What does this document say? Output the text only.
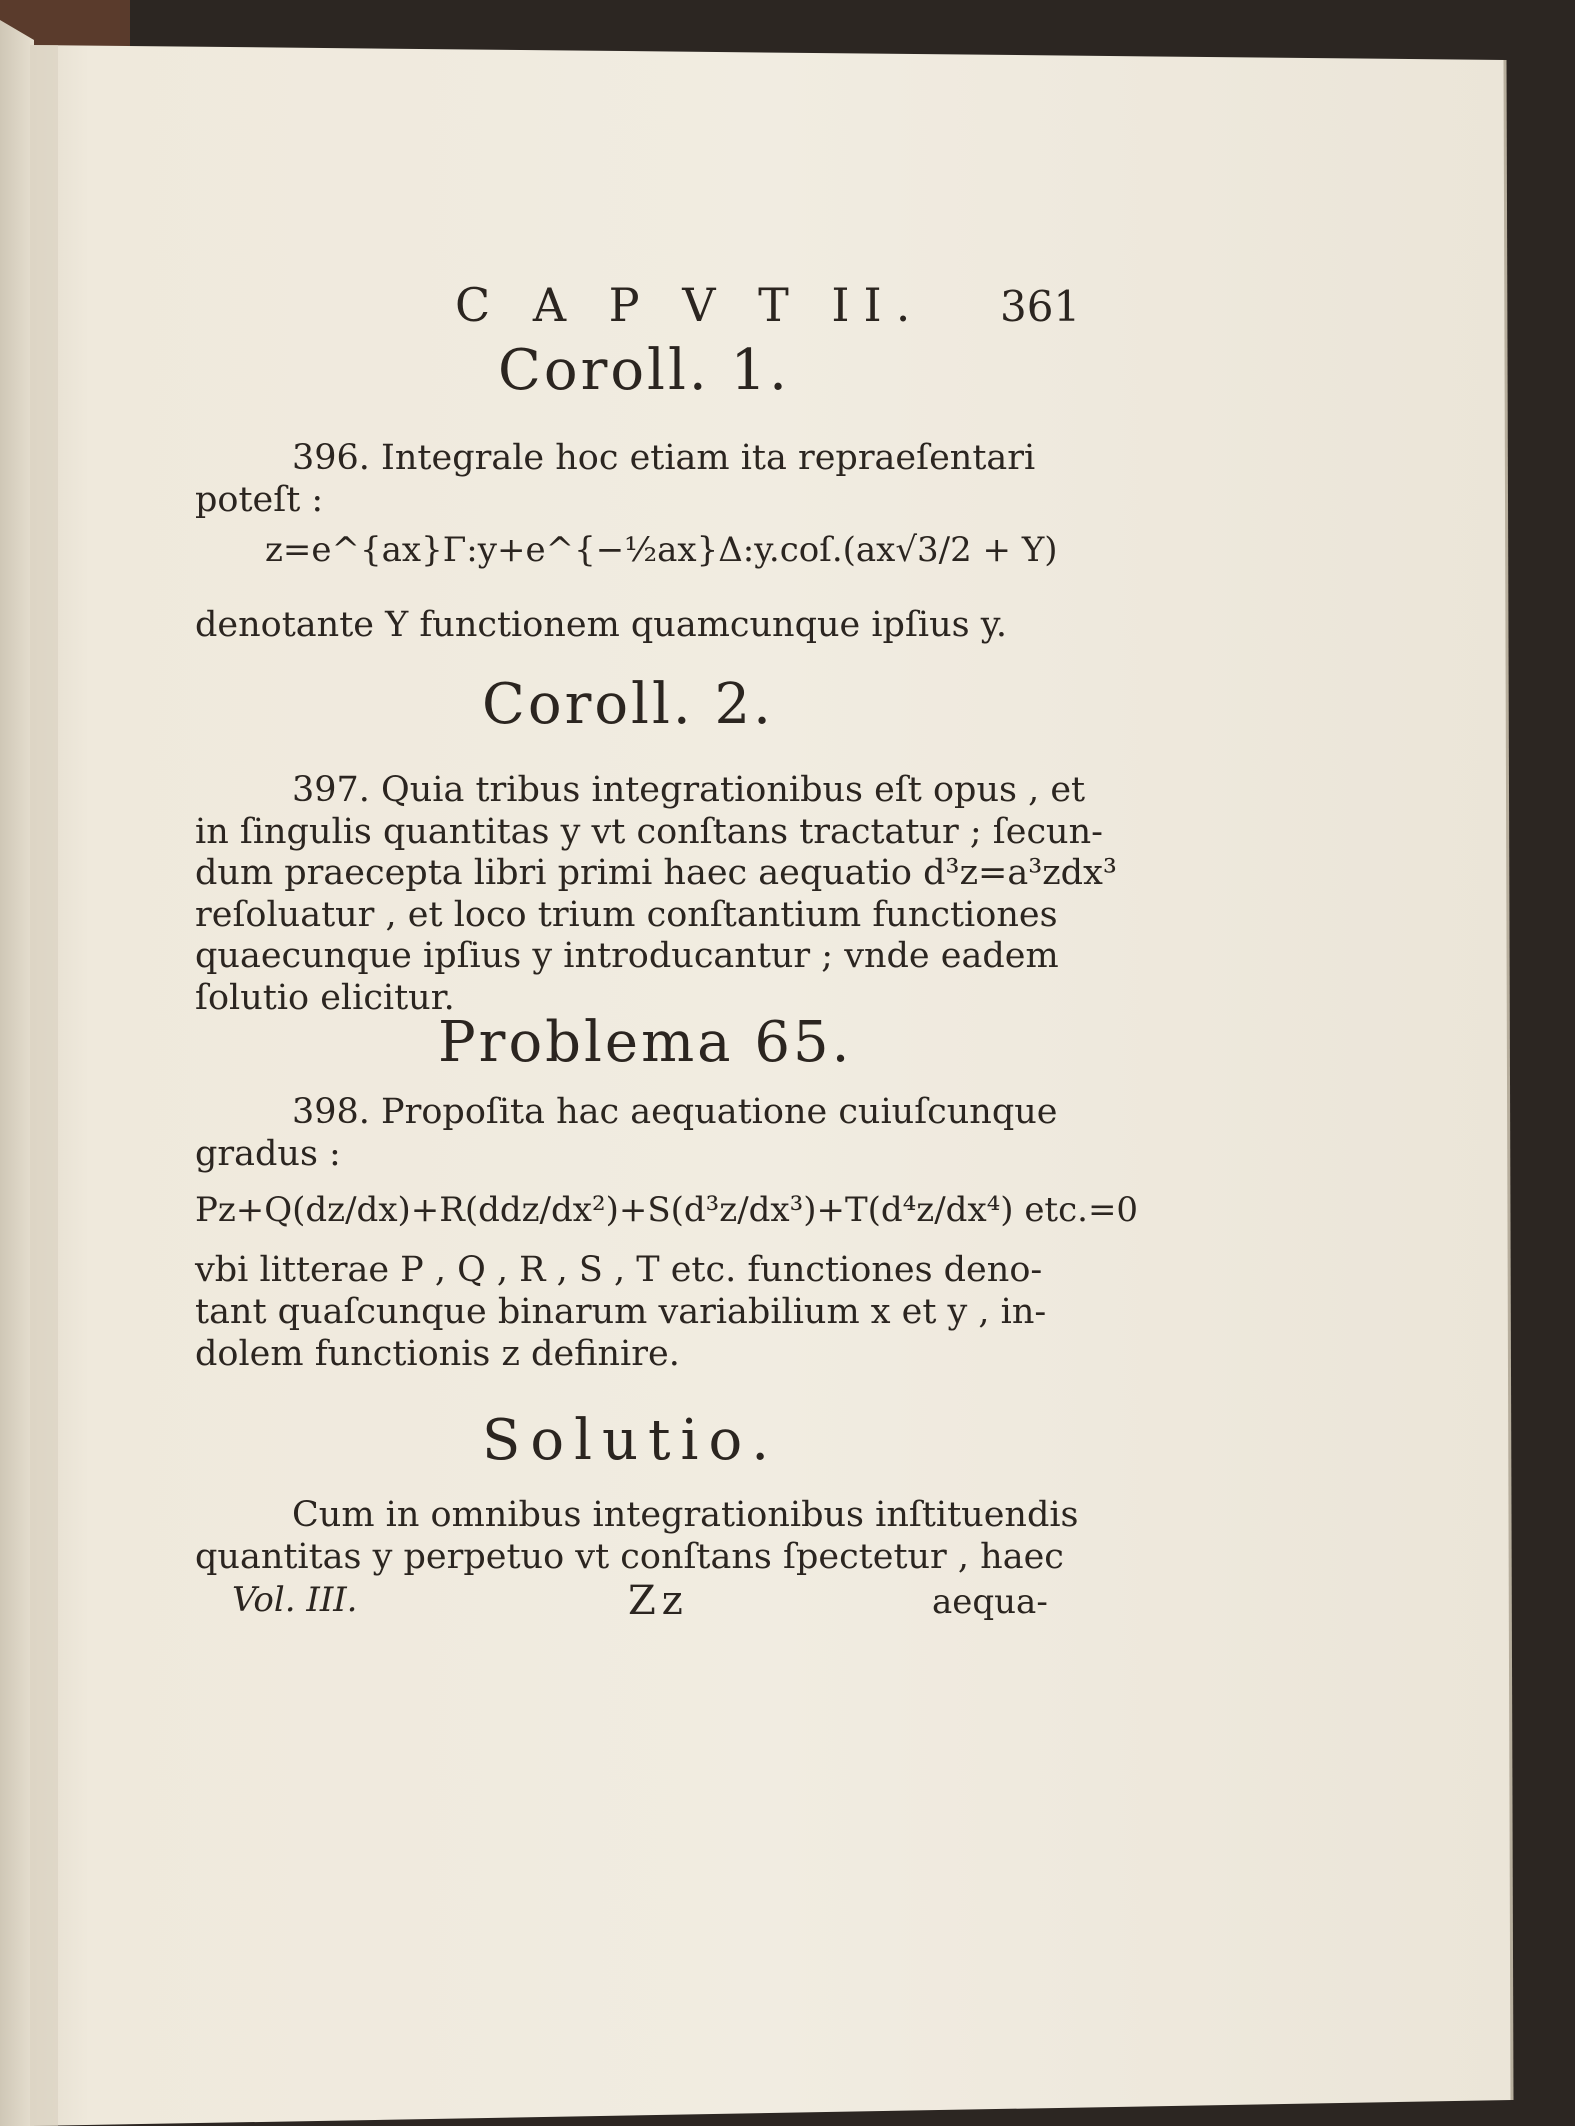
C A P V T II. 361
Coroll. 1.
396. Integrale hoc etiam ita repraeſentari
poteſt :
z=e^{ax}Γ:y+e^{−½ax}Δ:y.coſ.(ax√3/2 + Υ)
denotante Υ functionem quamcunque ipſius y.
Coroll. 2.
397. Quia tribus integrationibus eſt opus , et
in ſingulis quantitas y vt conſtans tractatur ; ſecun-
dum praecepta libri primi haec aequatio d³z=a³zdx³
reſoluatur , et loco trium conſtantium functiones
quaecunque ipſius y introducantur ; vnde eadem
ſolutio elicitur.
Problema 65.
398. Propoſita hac aequatione cuiuſcunque
gradus :
Pz+Q(dz/dx)+R(ddz/dx²)+S(d³z/dx³)+T(d⁴z/dx⁴) etc.=0
vbi litterae P , Q , R , S , T etc. functiones deno-
tant quaſcunque binarum variabilium x et y , in-
dolem functionis z definire.
Solutio.
Cum in omnibus integrationibus inſtituendis
quantitas y perpetuo vt conſtans ſpectetur , haec
Vol. III.	Zz	aequa-
